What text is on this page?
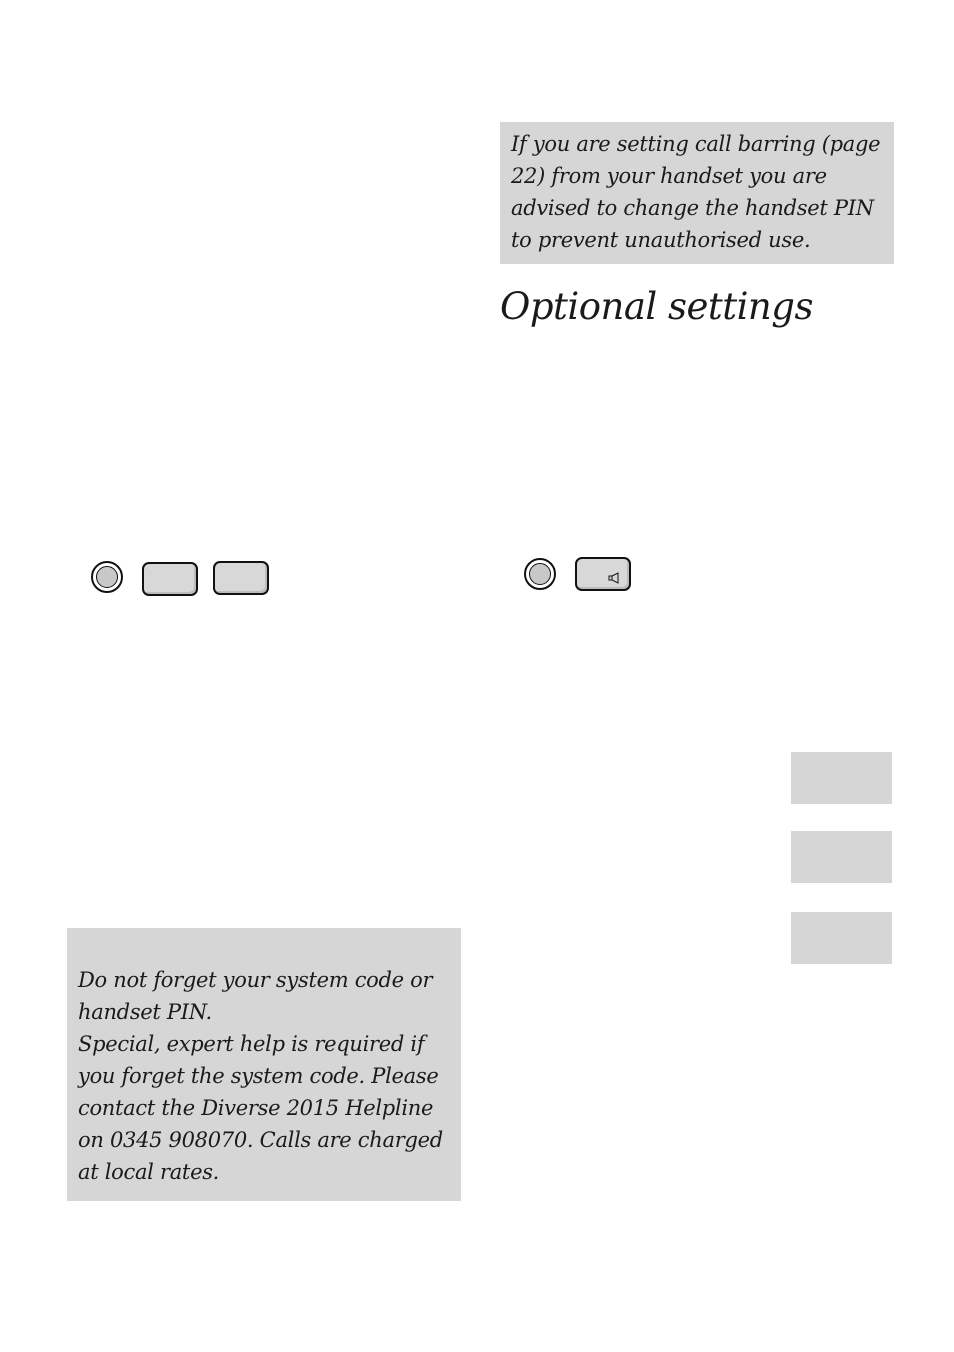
If you are setting call barring (page 22) from your handset you are advised to change the handset PIN to prevent unauthorised use.

Optional settings

Do not forget your system code or handset PIN.

Special, expert help is required if you forget the system code. Please contact the Diverse 2015 Helpline on 0345 908070. Calls are charged at local rates.
